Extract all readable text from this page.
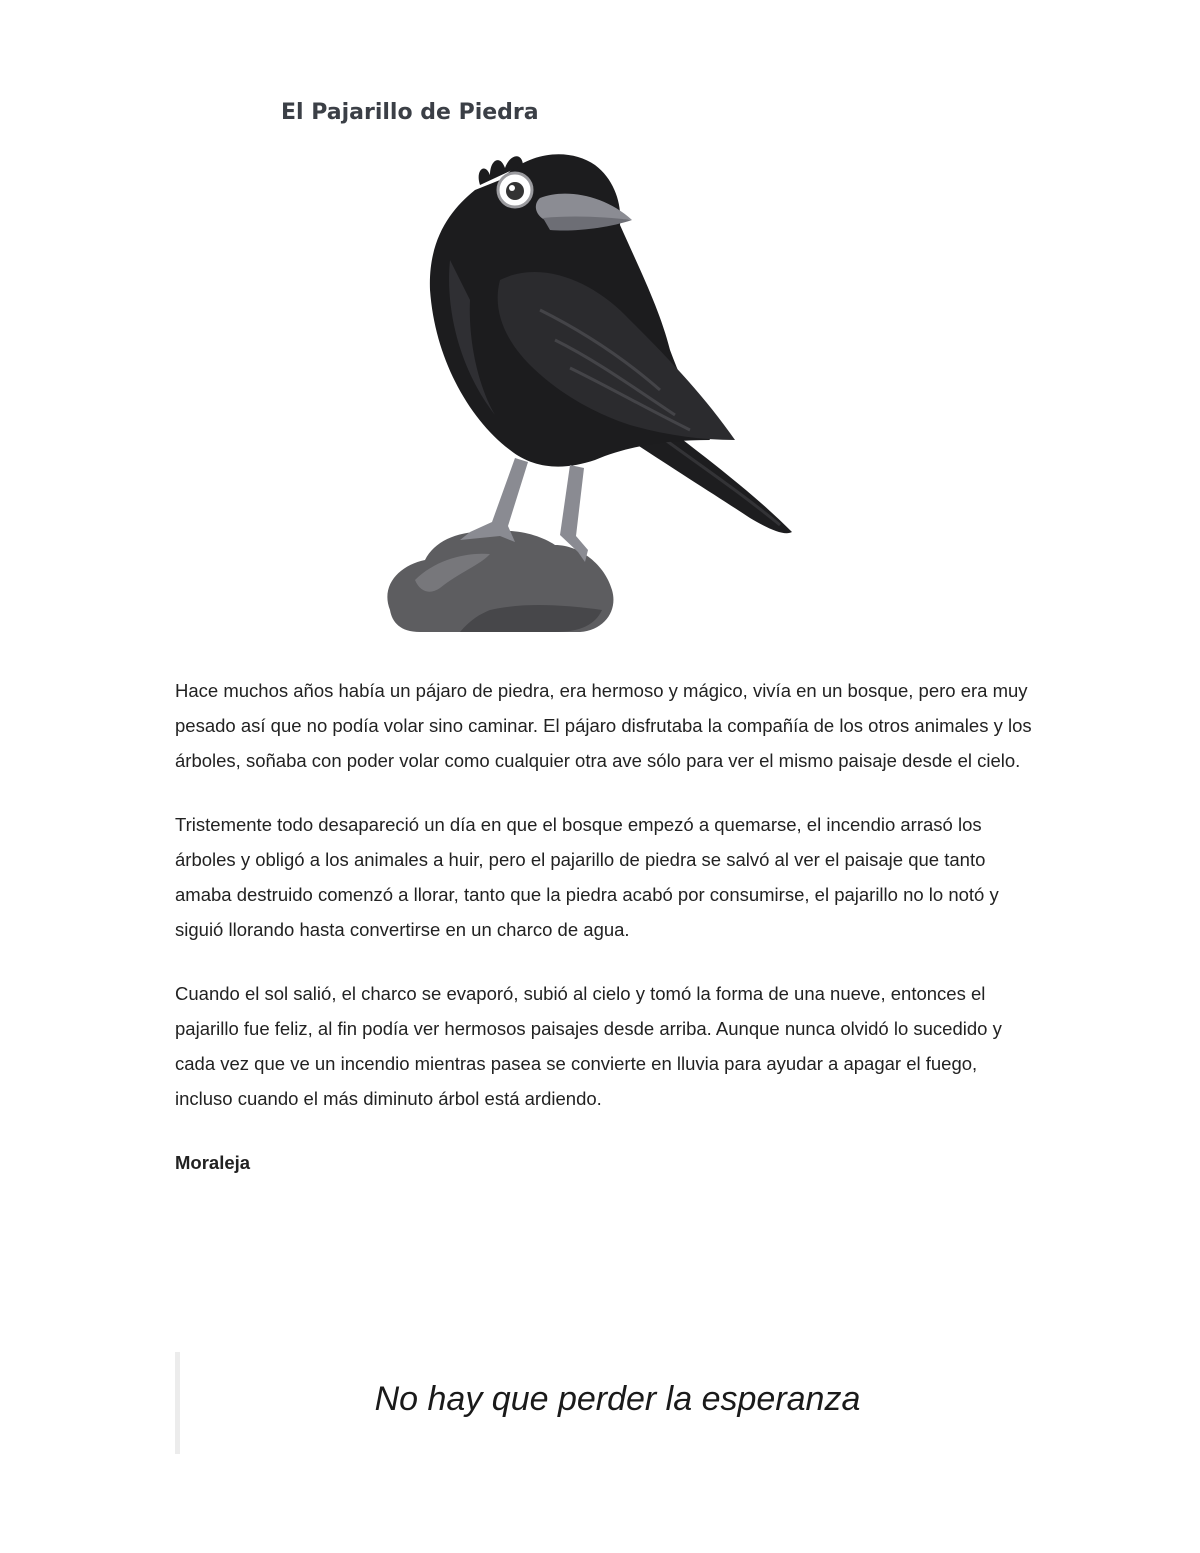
El Pajarillo de Piedra

Hace muchos años había un pájaro de piedra, era hermoso y mágico, vivía en un bosque, pero era muy pesado así que no podía volar sino caminar. El pájaro disfrutaba la compañía de los otros animales y los árboles, soñaba con poder volar como cualquier otra ave sólo para ver el mismo paisaje desde el cielo.

Tristemente todo desapareció un día en que el bosque empezó a quemarse, el incendio arrasó los árboles y obligó a los animales a huir, pero el pajarillo de piedra se salvó al ver el paisaje que tanto amaba destruido comenzó a llorar, tanto que la piedra acabó por consumirse, el pajarillo no lo notó y siguió llorando hasta convertirse en un charco de agua.

Cuando el sol salió, el charco se evaporó, subió al cielo y tomó la forma de una nueve, entonces el pajarillo fue feliz, al fin podía ver hermosos paisajes desde arriba. Aunque nunca olvidó lo sucedido y cada vez que ve un incendio mientras pasea se convierte en lluvia para ayudar a apagar el fuego, incluso cuando el más diminuto árbol está ardiendo.

Moraleja

No hay que perder la esperanza
